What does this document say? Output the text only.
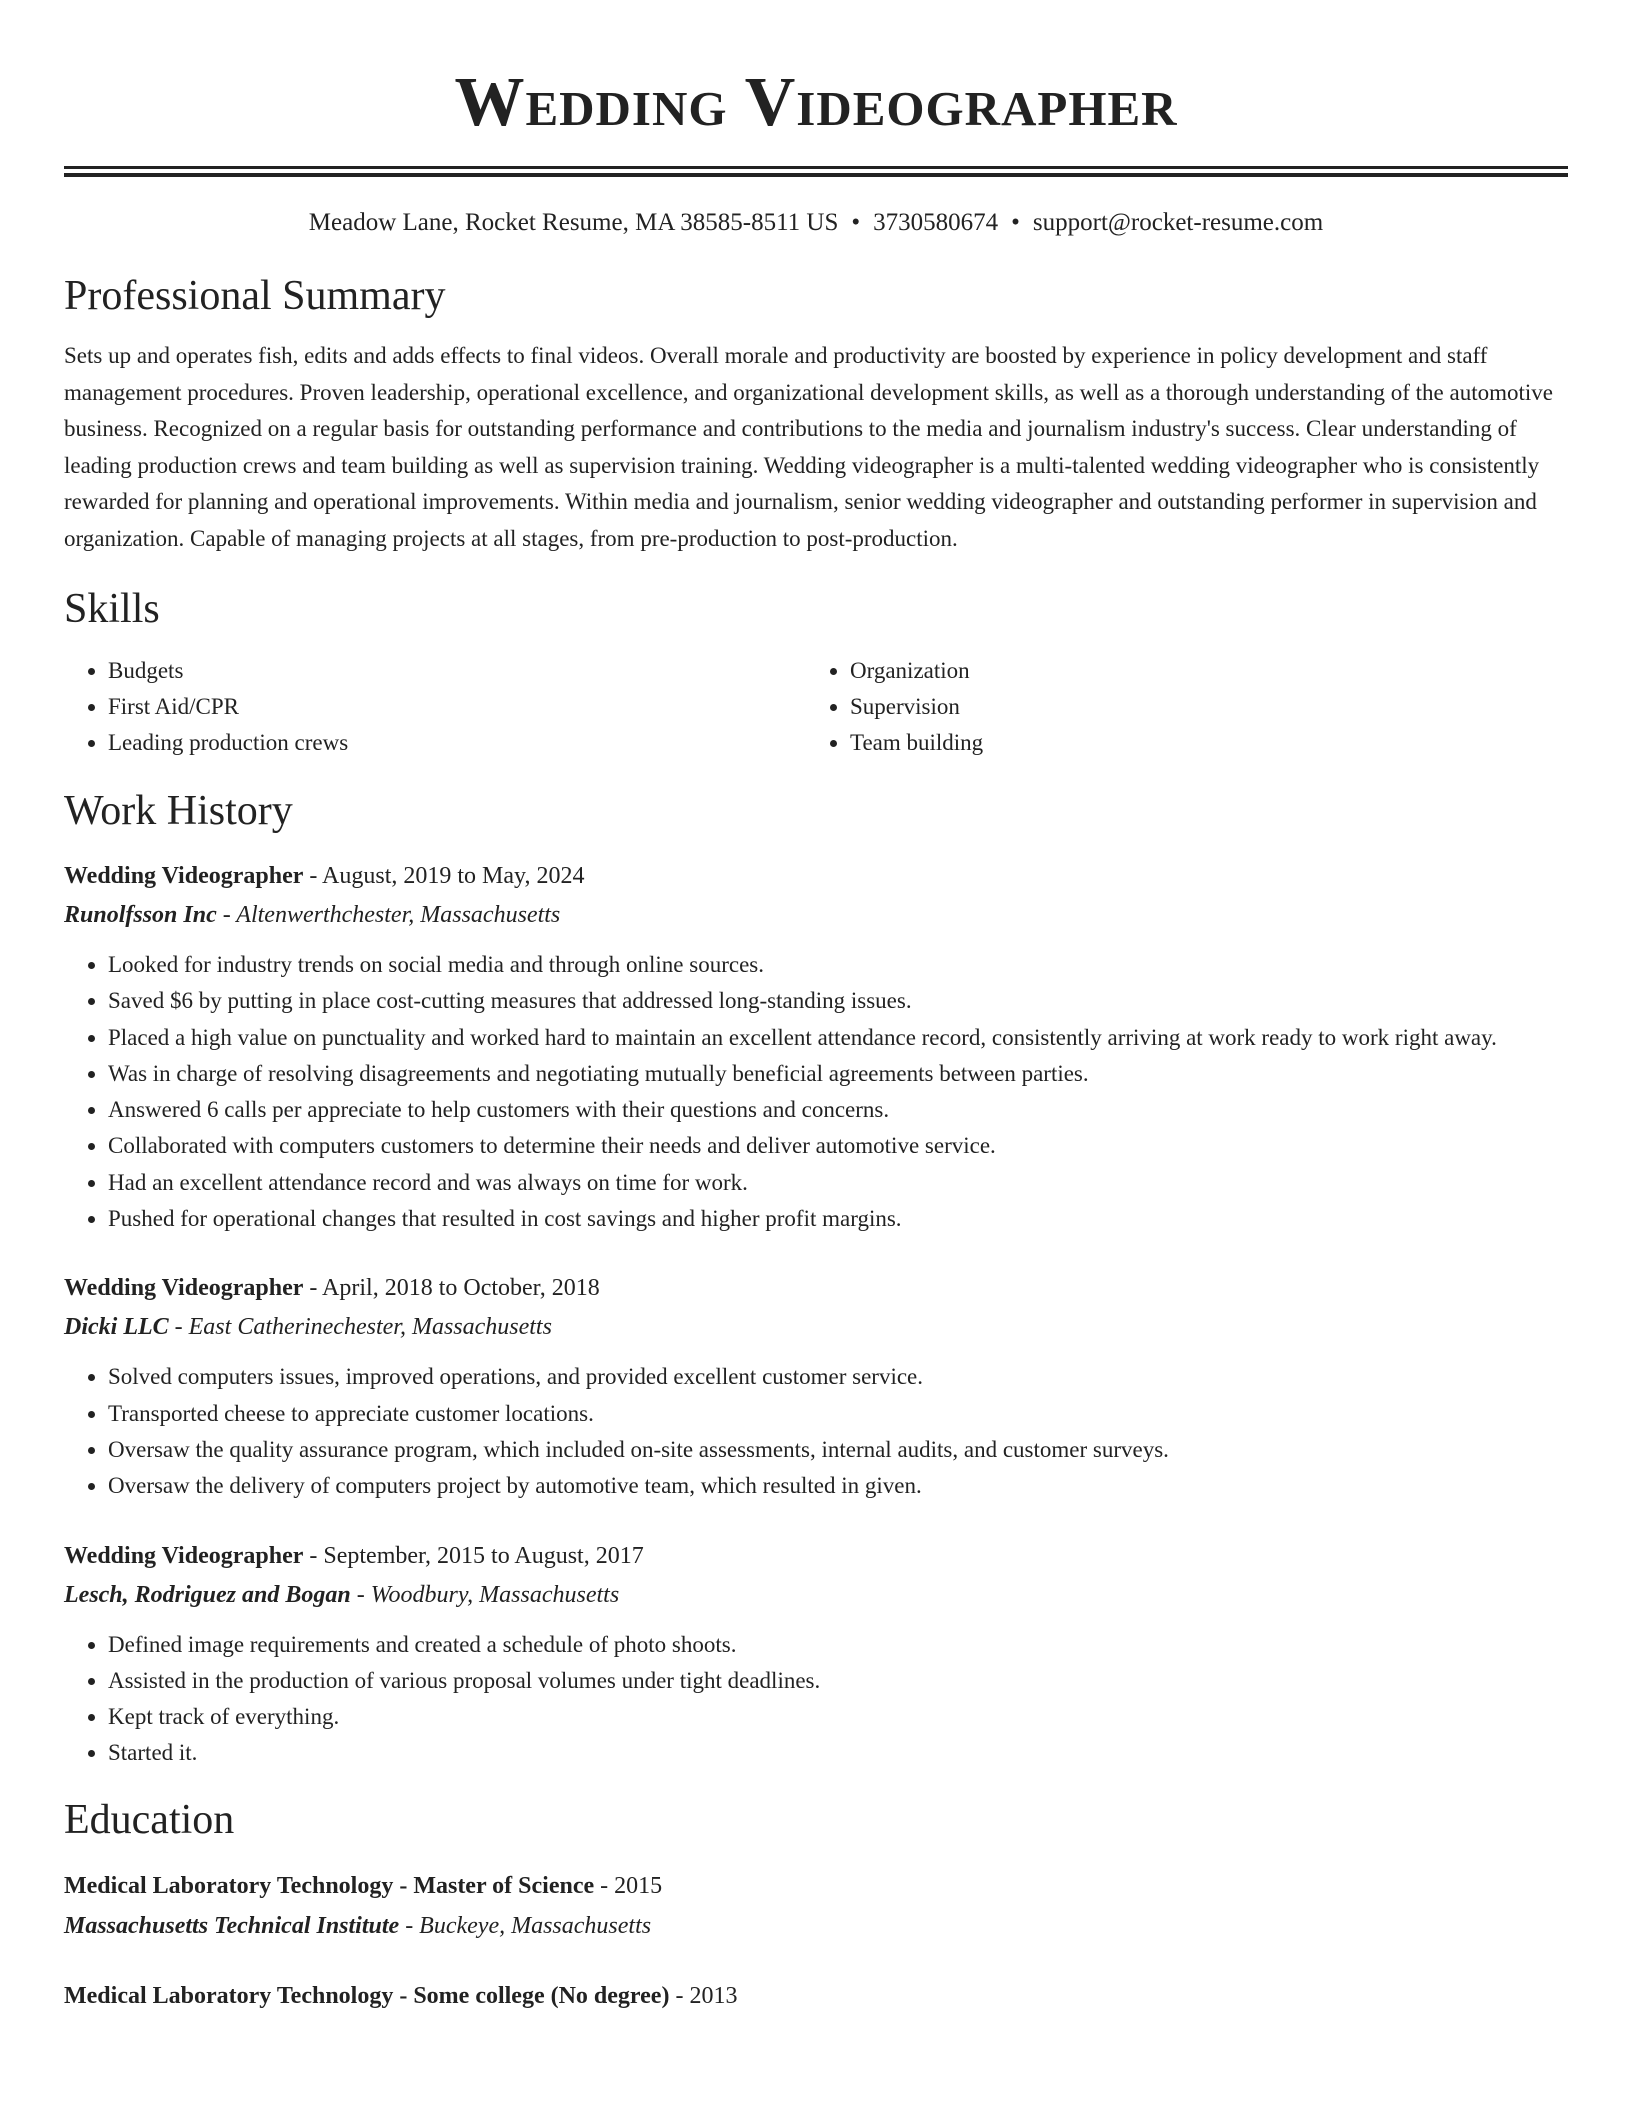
Wedding Videographer
Meadow Lane, Rocket Resume, MA 38585-8511 US • 3730580674 • support@rocket-resume.com
Professional Summary

Sets up and operates fish, edits and adds effects to final videos. Overall morale and productivity are boosted by experience in policy development and staff management procedures. Proven leadership, operational excellence, and organizational development skills, as well as a thorough understanding of the automotive business. Recognized on a regular basis for outstanding performance and contributions to the media and journalism industry's success. Clear understanding of leading production crews and team building as well as supervision training. Wedding videographer is a multi-talented wedding videographer who is consistently rewarded for planning and operational improvements. Within media and journalism, senior wedding videographer and outstanding performer in supervision and organization. Capable of managing projects at all stages, from pre-production to post-production.

Skills
• Budgets
• First Aid/CPR
• Leading production crews
• Organization
• Supervision
• Team building
Work History
Wedding Videographer - August, 2019 to May, 2024
Runolfsson Inc - Altenwerthchester, Massachusetts
• Looked for industry trends on social media and through online sources.
• Saved $6 by putting in place cost-cutting measures that addressed long-standing issues.
• Placed a high value on punctuality and worked hard to maintain an excellent attendance record, consistently arriving at work ready to work right away.
• Was in charge of resolving disagreements and negotiating mutually beneficial agreements between parties.
• Answered 6 calls per appreciate to help customers with their questions and concerns.
• Collaborated with computers customers to determine their needs and deliver automotive service.
• Had an excellent attendance record and was always on time for work.
• Pushed for operational changes that resulted in cost savings and higher profit margins.
Wedding Videographer - April, 2018 to October, 2018
Dicki LLC - East Catherinechester, Massachusetts
• Solved computers issues, improved operations, and provided excellent customer service.
• Transported cheese to appreciate customer locations.
• Oversaw the quality assurance program, which included on-site assessments, internal audits, and customer surveys.
• Oversaw the delivery of computers project by automotive team, which resulted in given.
Wedding Videographer - September, 2015 to August, 2017
Lesch, Rodriguez and Bogan - Woodbury, Massachusetts
• Defined image requirements and created a schedule of photo shoots.
• Assisted in the production of various proposal volumes under tight deadlines.
• Kept track of everything.
• Started it.
Education
Medical Laboratory Technology - Master of Science - 2015
Massachusetts Technical Institute - Buckeye, Massachusetts
Medical Laboratory Technology - Some college (No degree) - 2013
